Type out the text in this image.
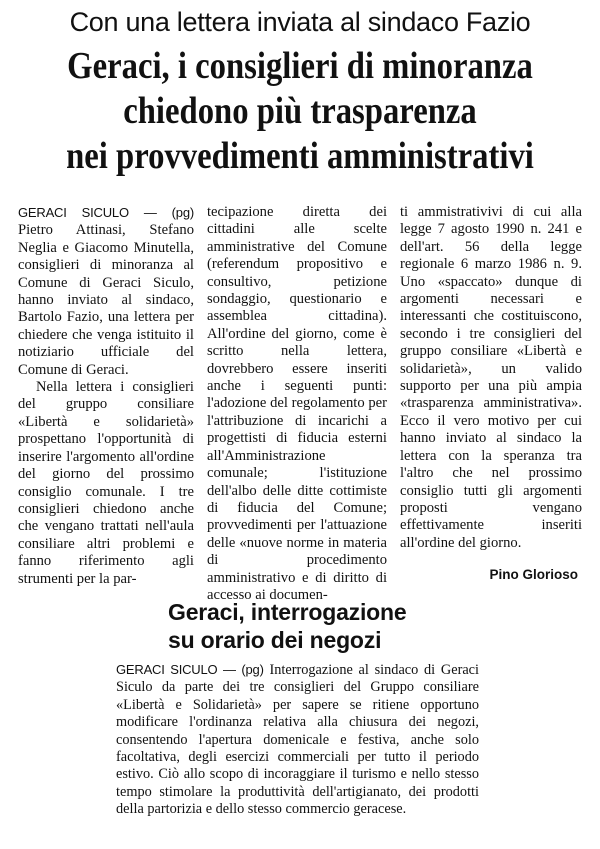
Con una lettera inviata al sindaco Fazio
Geraci, i consiglieri di minoranza
chiedono più trasparenza
nei provvedimenti amministrativi

GERACI SICULO — (pg) Pietro Attinasi, Stefano Neglia e Giacomo Minutella, consiglieri di minoranza al Comune di Geraci Siculo, hanno inviato al sindaco, Bartolo Fazio, una lettera per chiedere che venga istituito il notiziario ufficiale del Comune di Geraci.

Nella lettera i consiglieri del gruppo consiliare «Libertà e solidarietà» prospettano l'opportunità di inserire l'argomento all'ordine del giorno del prossimo consiglio comunale. I tre consiglieri chiedono anche che vengano trattati nell'aula consiliare altri problemi e fanno riferimento agli strumenti per la par-

tecipazione diretta dei cittadini alle scelte amministrative del Comune (referendum propositivo e consultivo, petizione sondaggio, questionario e assemblea cittadina). All'ordine del giorno, come è scritto nella lettera, dovrebbero essere inseriti anche i seguenti punti: l'adozione del regolamento per l'attribuzione di incarichi a progettisti di fiducia esterni all'Amministrazione comunale; l'istituzione dell'albo delle ditte cottimiste di fiducia del Comune; provvedimenti per l'attuazione delle «nuove norme in materia di procedimento amministrativo e di diritto di accesso ai documen-

ti ammistrativivi di cui alla legge 7 agosto 1990 n. 241 e dell'art. 56 della legge regionale 6 marzo 1986 n. 9. Uno «spaccato» dunque di argomenti necessari e interessanti che costituiscono, secondo i tre consiglieri del gruppo consiliare «Libertà e solidarietà», un valido supporto per una più ampia «trasparenza amministrativa». Ecco il vero motivo per cui hanno inviato al sindaco la lettera con la speranza tra l'altro che nel prossimo consiglio tutti gli argomenti proposti vengano effettivamente inseriti all'ordine del giorno.

Pino Glorioso
Geraci, interrogazione
su orario dei negozi

GERACI SICULO — (pg) Interrogazione al sindaco di Geraci Siculo da parte dei tre consiglieri del Gruppo consiliare «Libertà e Solidarietà» per sapere se ritiene opportuno modificare l'ordinanza relativa alla chiusura dei negozi, consentendo l'apertura domenicale e festiva, anche solo facoltativa, degli esercizi commerciali per tutto il periodo estivo. Ciò allo scopo di incoraggiare il turismo e nello stesso tempo stimolare la produttività dell'artigianato, dei prodotti della partorizia e dello stesso commercio geracese.
